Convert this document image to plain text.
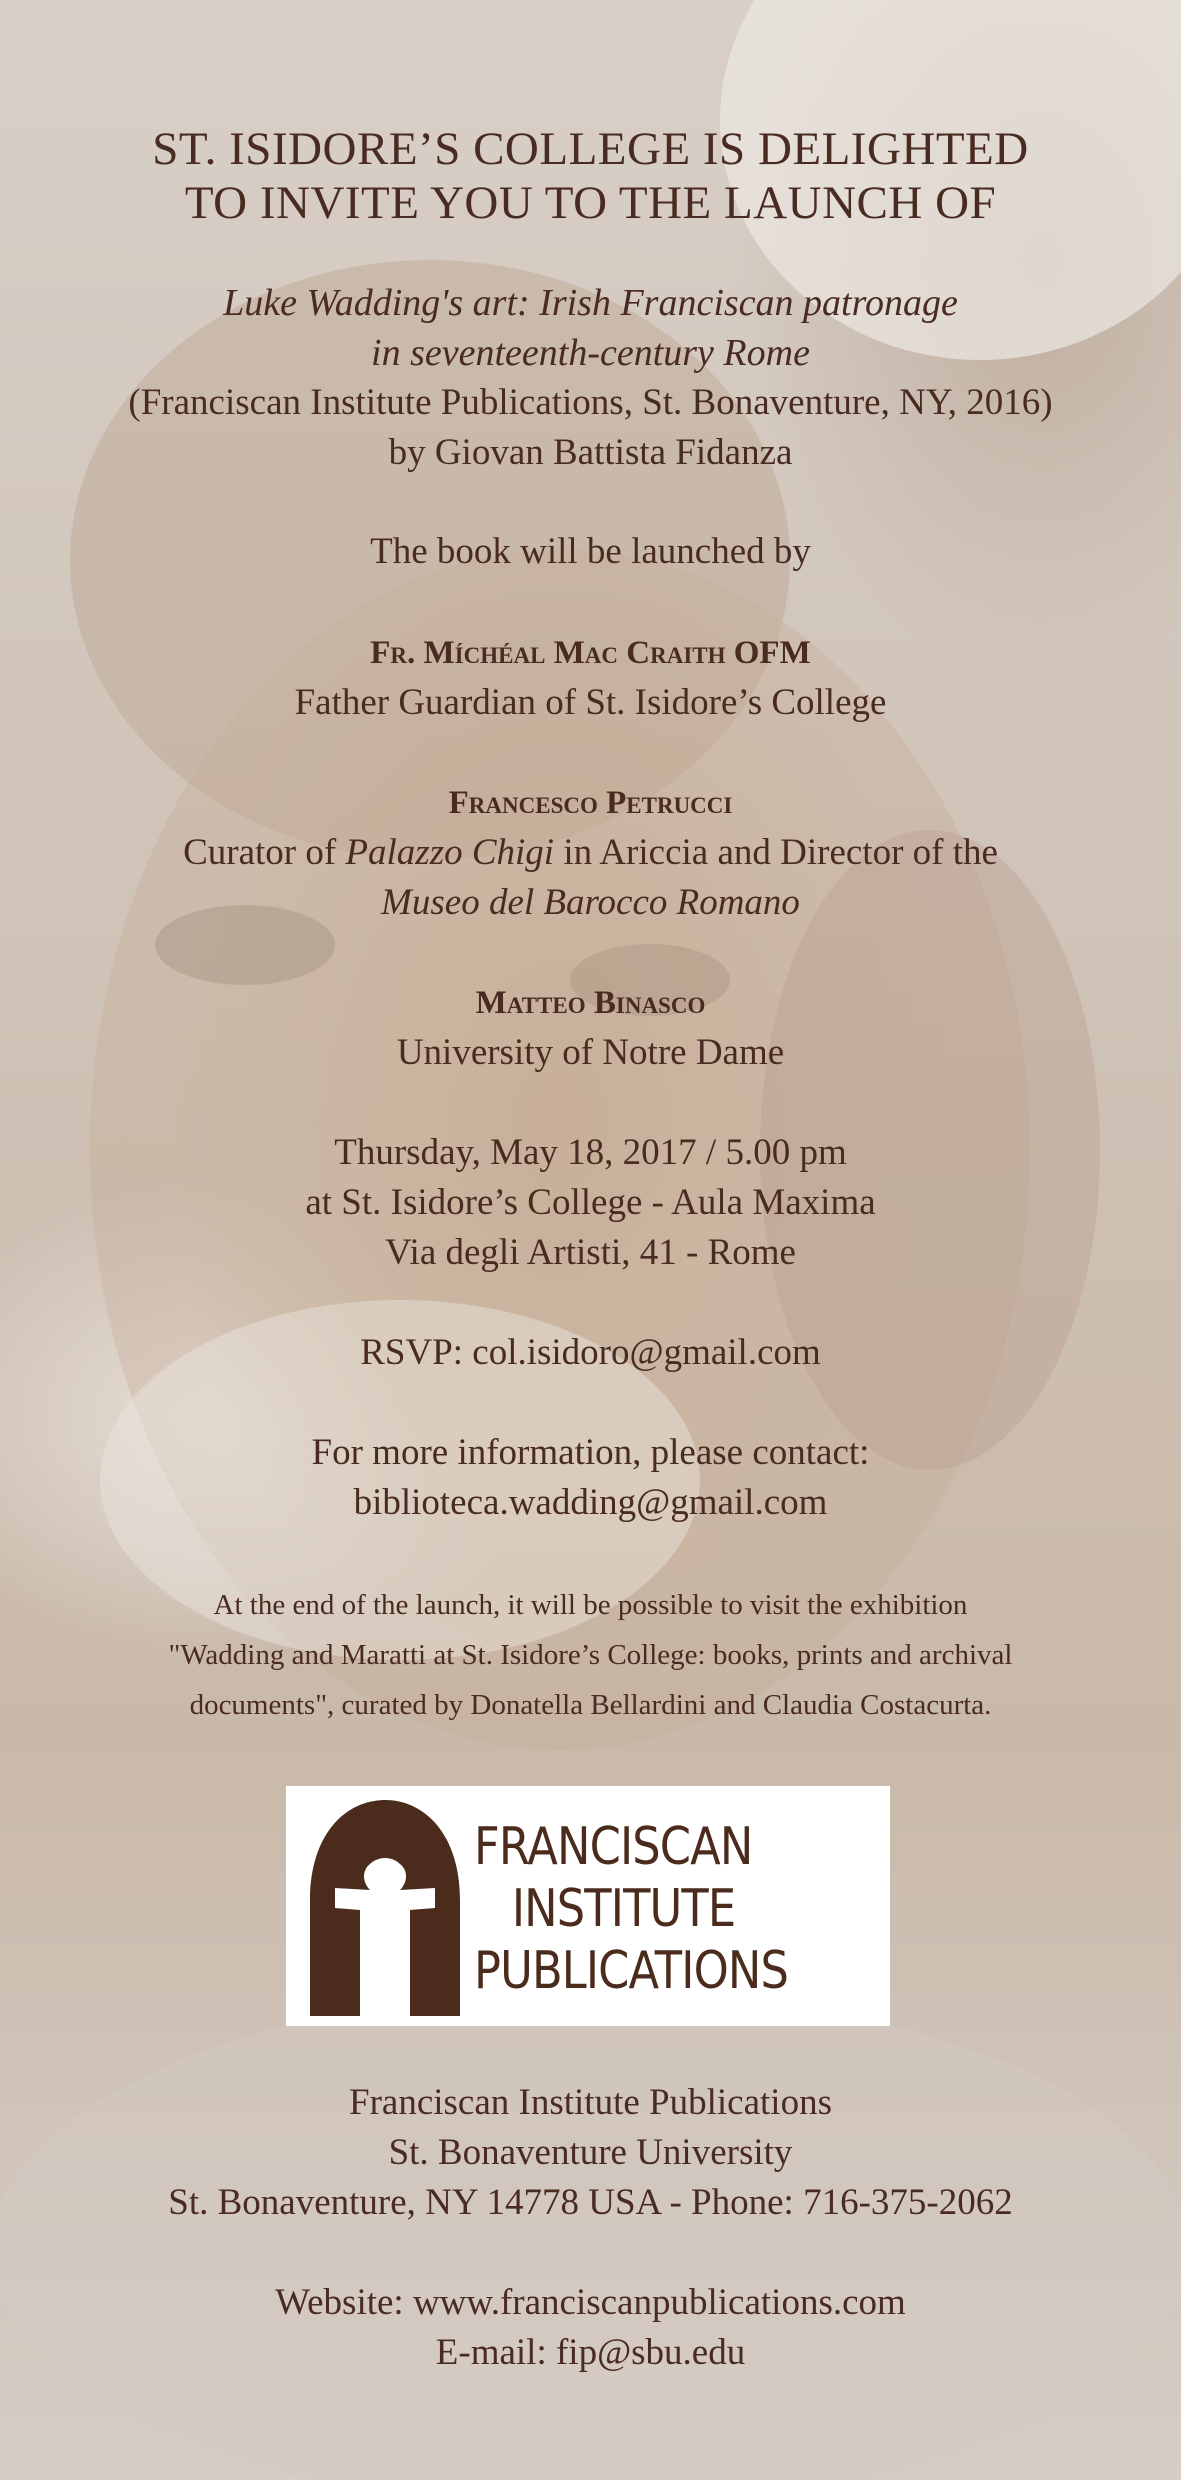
ST. ISIDORE’S COLLEGE IS DELIGHTED
TO INVITE YOU TO THE LAUNCH OF
Luke Wadding's art: Irish Franciscan patronage
in seventeenth-century Rome
(Franciscan Institute Publications, St. Bonaventure, NY, 2016)
by Giovan Battista Fidanza
The book will be launched by
Fr. Míchéal Mac Craith OFM
Father Guardian of St. Isidore’s College
Francesco Petrucci
Curator of Palazzo Chigi in Ariccia and Director of the
Museo del Barocco Romano
Matteo Binasco
University of Notre Dame
Thursday, May 18, 2017 / 5.00 pm
at St. Isidore’s College - Aula Maxima
Via degli Artisti, 41 - Rome
RSVP: col.isidoro@gmail.com
For more information, please contact:
biblioteca.wadding@gmail.com
At the end of the launch, it will be possible to visit the exhibition
"Wadding and Maratti at St. Isidore’s College: books, prints and archival
documents", curated by Donatella Bellardini and Claudia Costacurta.
FRANCISCAN
INSTITUTE
PUBLICATIONS
Franciscan Institute Publications
St. Bonaventure University
St. Bonaventure, NY 14778 USA - Phone: 716-375-2062
Website: www.franciscanpublications.com
E-mail: fip@sbu.edu
